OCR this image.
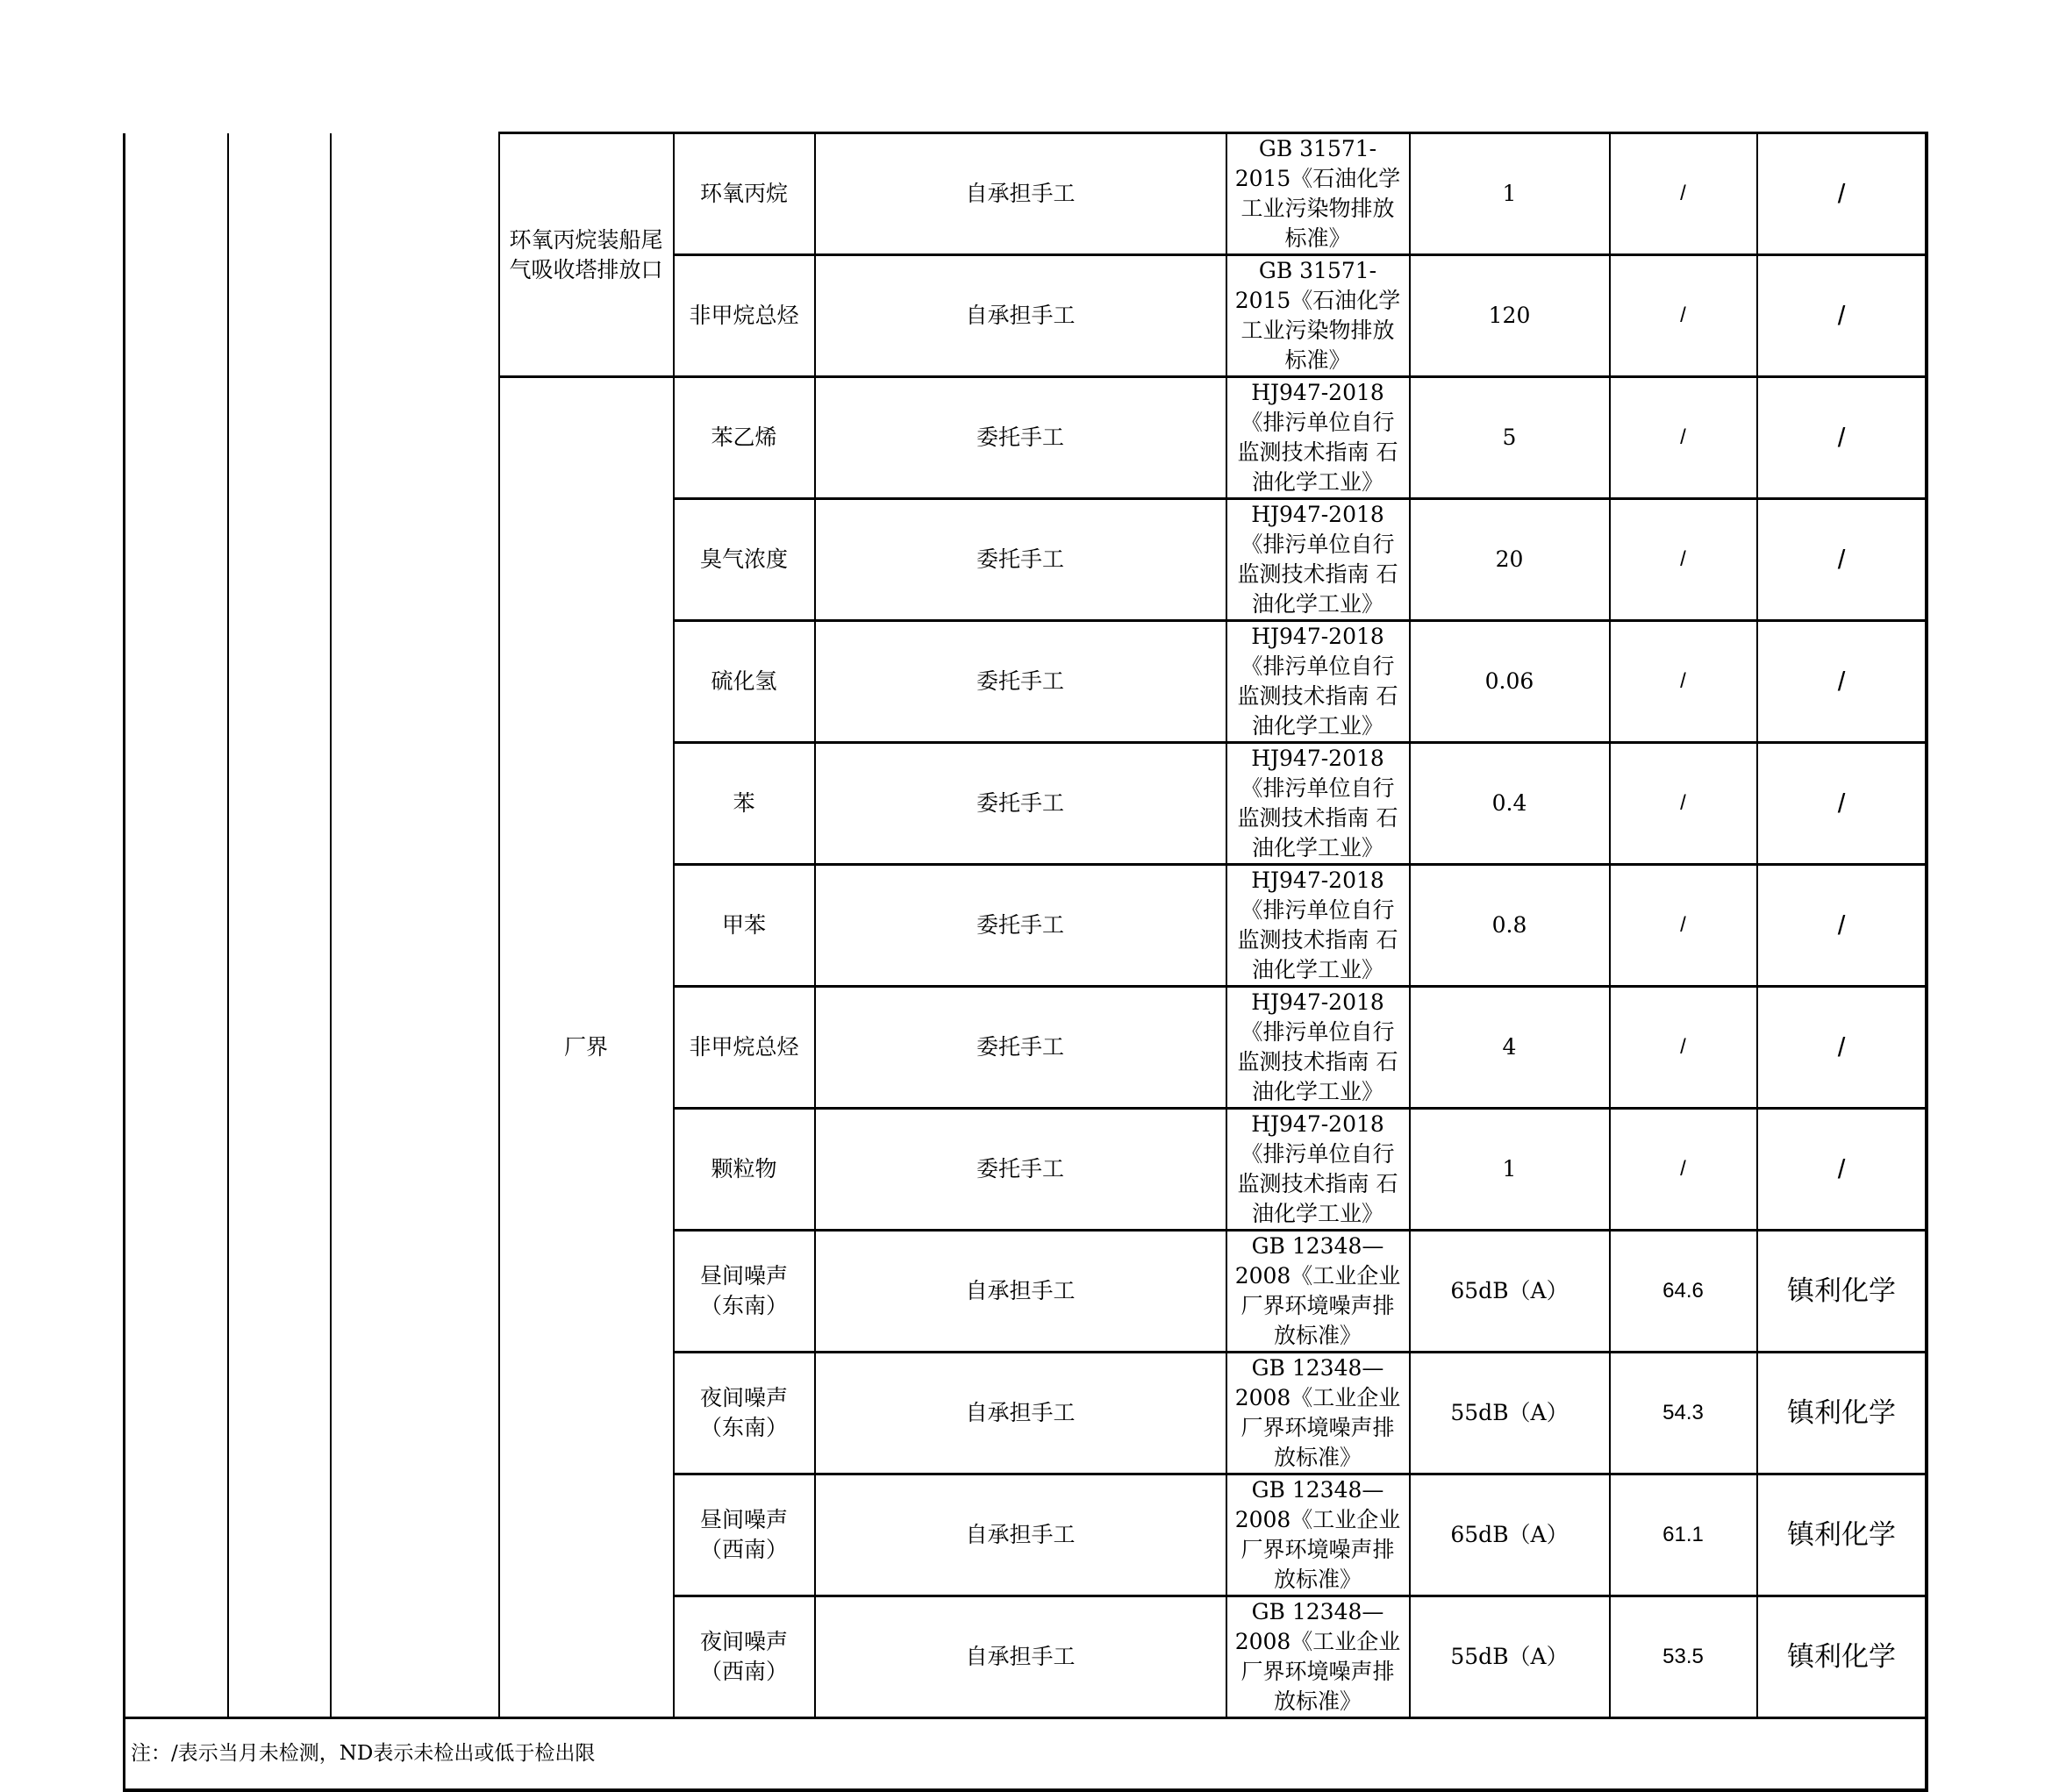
			环氧丙烷装船尾气吸收塔排放口	环氧丙烷	自承担手工	GB 31571-2015《石油化学工业污染物排放标准》	1	/	/	
				非甲烷总烃	自承担手工	GB 31571-2015《石油化学工业污染物排放标准》	120	/	/	
			厂界	苯乙烯	委托手工	HJ947-2018 《排污单位自行监测技术指南 石油化学工业》	5	/	/	
				臭气浓度	委托手工	HJ947-2018 《排污单位自行监测技术指南 石油化学工业》	20	/	/	
				硫化氢	委托手工	HJ947-2018 《排污单位自行监测技术指南 石油化学工业》	0.06	/	/	
				苯	委托手工	HJ947-2018 《排污单位自行监测技术指南 石油化学工业》	0.4	/	/	
				甲苯	委托手工	HJ947-2018 《排污单位自行监测技术指南 石油化学工业》	0.8	/	/	
				非甲烷总烃	委托手工	HJ947-2018 《排污单位自行监测技术指南 石油化学工业》	4	/	/	
				颗粒物	委托手工	HJ947-2018 《排污单位自行监测技术指南 石油化学工业》	1	/	/	
				昼间噪声（东南）	自承担手工	GB 12348—2008《工业企业厂界环境噪声排放标准》	65dB（A）	64.6	镇利化学	
				夜间噪声（东南）	自承担手工	GB 12348—2008《工业企业厂界环境噪声排放标准》	55dB（A）	54.3	镇利化学	
				昼间噪声（西南）	自承担手工	GB 12348—2008《工业企业厂界环境噪声排放标准》	65dB（A）	61.1	镇利化学	
				夜间噪声（西南）	自承担手工	GB 12348—2008《工业企业厂界环境噪声排放标准》	55dB（A）	53.5	镇利化学	
注：/表示当月未检测，ND表示未检出或低于检出限										
